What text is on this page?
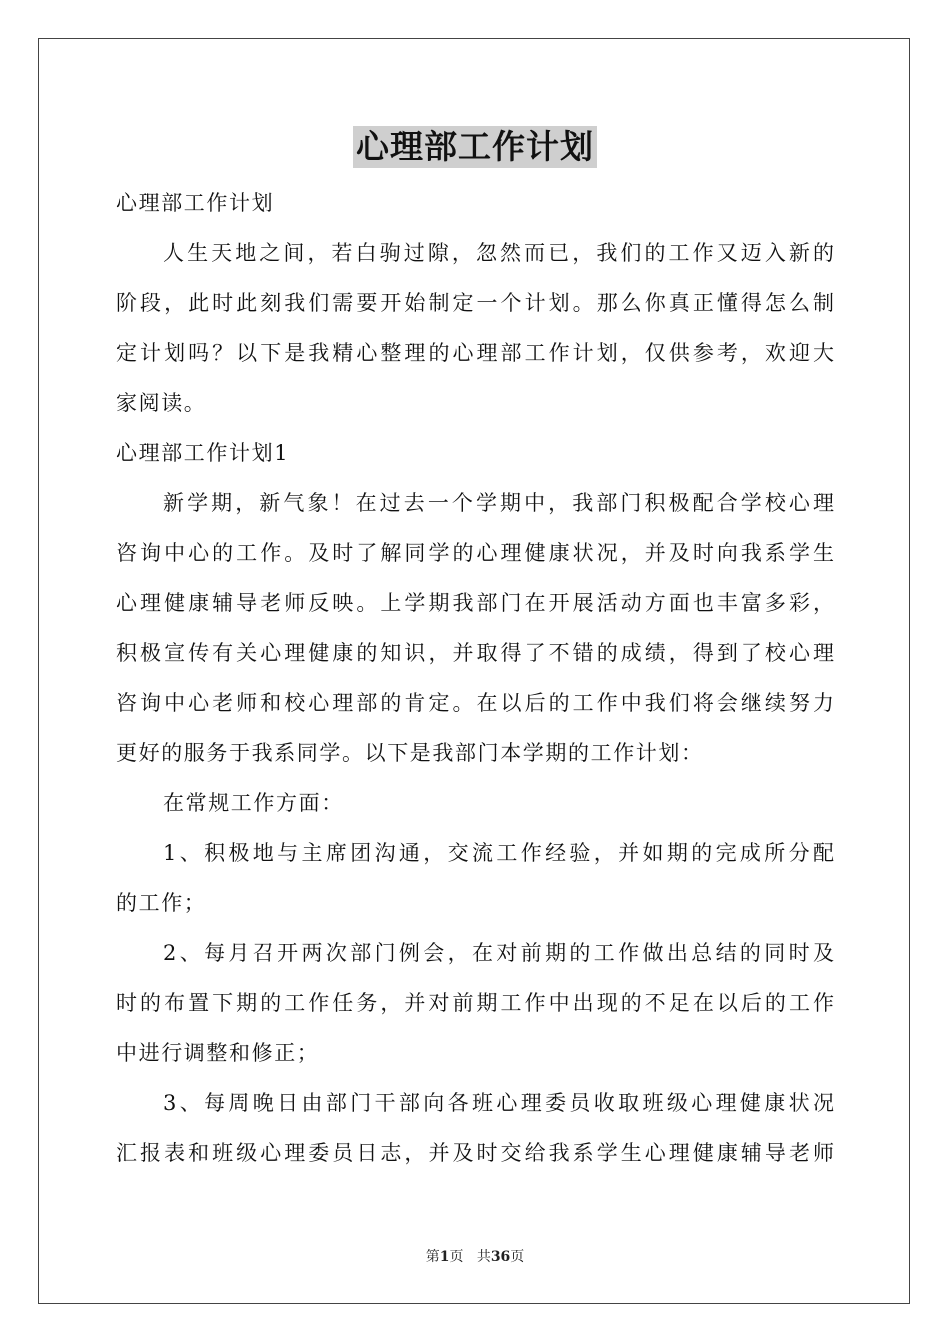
心理部工作计划
心理部工作计划
人生天地之间，若白驹过隙，忽然而已，我们的工作又迈入新的
阶段，此时此刻我们需要开始制定一个计划。那么你真正懂得怎么制
定计划吗？以下是我精心整理的心理部工作计划，仅供参考，欢迎大
家阅读。
心理部工作计划1
新学期，新气象！在过去一个学期中，我部门积极配合学校心理
咨询中心的工作。及时了解同学的心理健康状况，并及时向我系学生
心理健康辅导老师反映。上学期我部门在开展活动方面也丰富多彩，
积极宣传有关心理健康的知识，并取得了不错的成绩，得到了校心理
咨询中心老师和校心理部的肯定。在以后的工作中我们将会继续努力
更好的服务于我系同学。以下是我部门本学期的工作计划：
在常规工作方面：
1、积极地与主席团沟通，交流工作经验，并如期的完成所分配
的工作；
2、每月召开两次部门例会，在对前期的工作做出总结的同时及
时的布置下期的工作任务，并对前期工作中出现的不足在以后的工作
中进行调整和修正；
3、每周晚日由部门干部向各班心理委员收取班级心理健康状况
汇报表和班级心理委员日志，并及时交给我系学生心理健康辅导老师
第1页 共36页
